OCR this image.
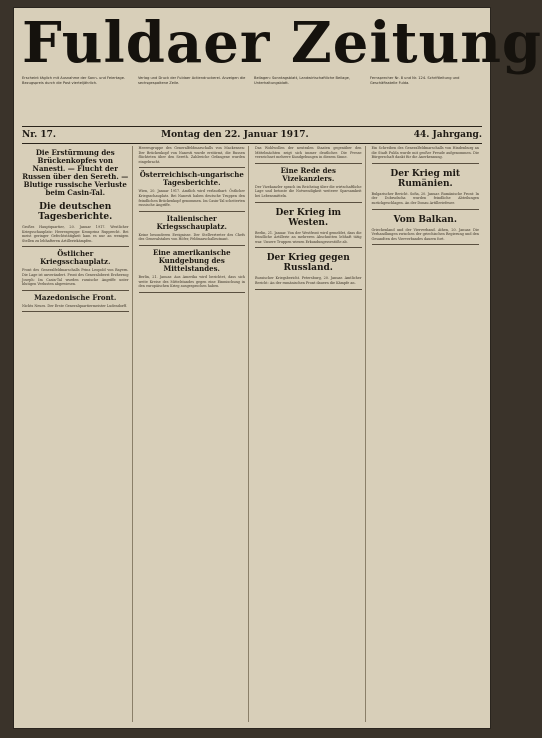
Fuldaer Zeitung
Erscheint täglich mit Ausnahme der Sonn- und Feiertage. Bezugspreis durch die Post vierteljährlich.
Verlag und Druck der Fuldaer Actiendruckerei. Anzeigen die sechsgespaltene Zeile.
Beilagen: Sonntagsblatt, Landwirtschaftliche Beilage, Unterhaltungsblatt.
Fernsprecher Nr. 8 und Nr. 124. Schriftleitung und Geschäftsstelle Fulda.
Nr. 17.	Montag den 22. Januar 1917.	44. Jahrgang.
Die Erstürmung des Brückenkopfes von Nanesti. — Flucht der Russen über den Sereth. — Blutige russische Verluste beim Casin-Tal.
Die deutschen Tagesberichte.
Großes Hauptquartier, 20. Januar 1917. Westlicher Kriegsschauplatz: Heeresgruppe Kronprinz Rupprecht. Bei meist geringer Gefechtstätigkeit kam es nur an wenigen Stellen zu lebhafteren Artilleriekämpfen.
Östlicher Kriegsschauplatz.
Front des Generalfeldmarschalls Prinz Leopold von Bayern. Die Lage ist unverändert. Front des Generaloberst Erzherzog Joseph: Im Casin-Tal wurden russische Angriffe unter blutigen Verlusten abgewiesen.
Mazedonische Front.
Nichts Neues. Der Erste Generalquartiermeister Ludendorff.
Heeresgruppe des Generalfeldmarschalls von Mackensen: Der Brückenkopf von Nanesti wurde erstürmt, die Russen flüchteten über den Sereth. Zahlreiche Gefangene wurden eingebracht.
Österreichisch-ungarische Tagesberichte.
Wien, 20. Januar 1917. Amtlich wird verlautbart: Östlicher Kriegsschauplatz. Bei Nanesti haben deutsche Truppen den feindlichen Brückenkopf genommen. Im Casin-Tal scheiterten russische Angriffe.
Italienischer Kriegsschauplatz.
Keine besonderen Ereignisse. Der Stellvertreter des Chefs des Generalstabes von Höfer, Feldmarschalleutnant.
Eine amerikanische Kundgebung des Mittelstandes.
Berlin, 21. Januar. Aus Amerika wird berichtet, dass sich weite Kreise des Mittelstandes gegen eine Einmischung in den europäischen Krieg ausgesprochen haben.
Das Wohlwollen der neutralen Staaten gegenüber den Mittelmächten zeigt sich immer deutlicher. Die Presse verzeichnet mehrere Kundgebungen in diesem Sinne.
Eine Rede des Vizekanzlers.
Der Vizekanzler sprach im Reichstag über die wirtschaftliche Lage und betonte die Notwendigkeit weiterer Sparsamkeit bei Lebensmitteln.
Der Krieg im Westen.
Berlin, 21. Januar. Von der Westfront wird gemeldet, dass die feindliche Artillerie an mehreren Abschnitten lebhaft tätig war. Unsere Truppen wiesen Erkundungsvorstöße ab.
Der Krieg gegen Russland.
Russischer Kriegsbericht. Petersburg, 20. Januar. Amtlicher Bericht: An der rumänischen Front dauern die Kämpfe an.
Ein Schreiben des Generalfeldmarschalls von Hindenburg an die Stadt Fulda wurde mit großer Freude aufgenommen. Die Bürgerschaft dankt für die Anerkennung.
Der Krieg mit Rumänien.
Bulgarischer Bericht. Sofia, 20. Januar. Rumänische Front: In der Dobrudscha wurden feindliche Abteilungen zurückgeschlagen. An der Donau Artilleriefeuer.
Vom Balkan.
Griechenland und der Vierverband. Athen, 20. Januar. Die Verhandlungen zwischen der griechischen Regierung und den Gesandten des Vierverbandes dauern fort.
